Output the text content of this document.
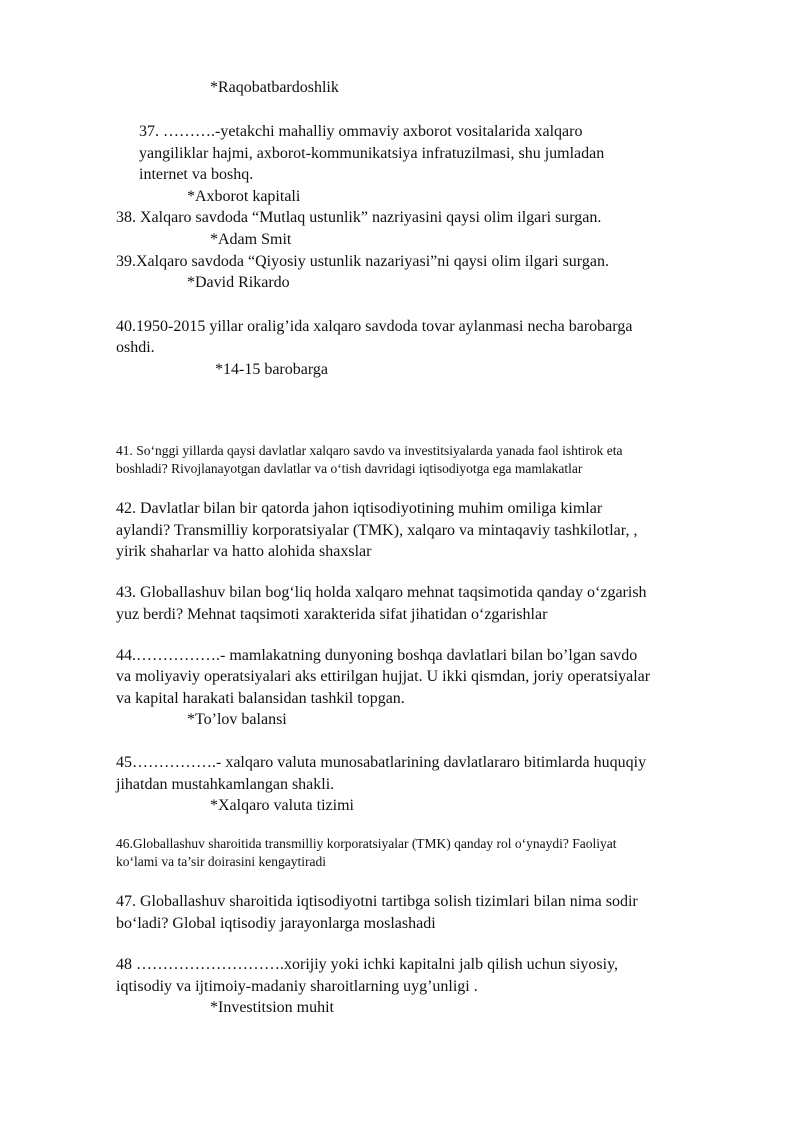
*Raqobatbardoshlik
37. ……….-yetakchi mahalliy ommaviy axborot vositalarida xalqaro
yangiliklar hajmi, axborot-kommunikatsiya infratuzilmasi, shu jumladan
internet va boshq.
*Axborot kapitali
38. Xalqaro savdoda “Mutlaq ustunlik” nazriyasini qaysi olim ilgari surgan.
*Adam Smit
39.Xalqaro savdoda “Qiyosiy ustunlik nazariyasi”ni qaysi olim ilgari surgan.
*David Rikardo
40.1950-2015 yillar oralig’ida xalqaro savdoda tovar aylanmasi necha barobarga
oshdi.
*14-15 barobarga
41. So‘nggi yillarda qaysi davlatlar xalqaro savdo va investitsiyalarda yanada faol ishtirok eta
boshladi? Rivojlanayotgan davlatlar va o‘tish davridagi iqtisodiyotga ega mamlakatlar
42. Davlatlar bilan bir qatorda jahon iqtisodiyotining muhim omiliga kimlar
aylandi? Transmilliy korporatsiyalar (TMK), xalqaro va mintaqaviy tashkilotlar, ,
yirik shaharlar va hatto alohida shaxslar
43. Globallashuv bilan bog‘liq holda xalqaro mehnat taqsimotida qanday o‘zgarish
yuz berdi? Mehnat taqsimoti xarakterida sifat jihatidan o‘zgarishlar
44.…………….- mamlakatning dunyoning boshqa davlatlari bilan bo’lgan savdo
va moliyaviy operatsiyalari aks ettirilgan hujjat. U ikki qismdan, joriy operatsiyalar
va kapital harakati balansidan tashkil topgan.
*To’lov balansi
45…………….- xalqaro valuta munosabatlarining davlatlararo bitimlarda huquqiy
jihatdan mustahkamlangan shakli.
*Xalqaro valuta tizimi
46.Globallashuv sharoitida transmilliy korporatsiyalar (TMK) qanday rol o‘ynaydi? Faoliyat
ko‘lami va ta’sir doirasini kengaytiradi
47. Globallashuv sharoitida iqtisodiyotni tartibga solish tizimlari bilan nima sodir
bo‘ladi? Global iqtisodiy jarayonlarga moslashadi
48 ……………………….xorijiy yoki ichki kapitalni jalb qilish uchun siyosiy,
iqtisodiy va ijtimoiy-madaniy sharoitlarning uyg’unligi .
*Investitsion muhit
